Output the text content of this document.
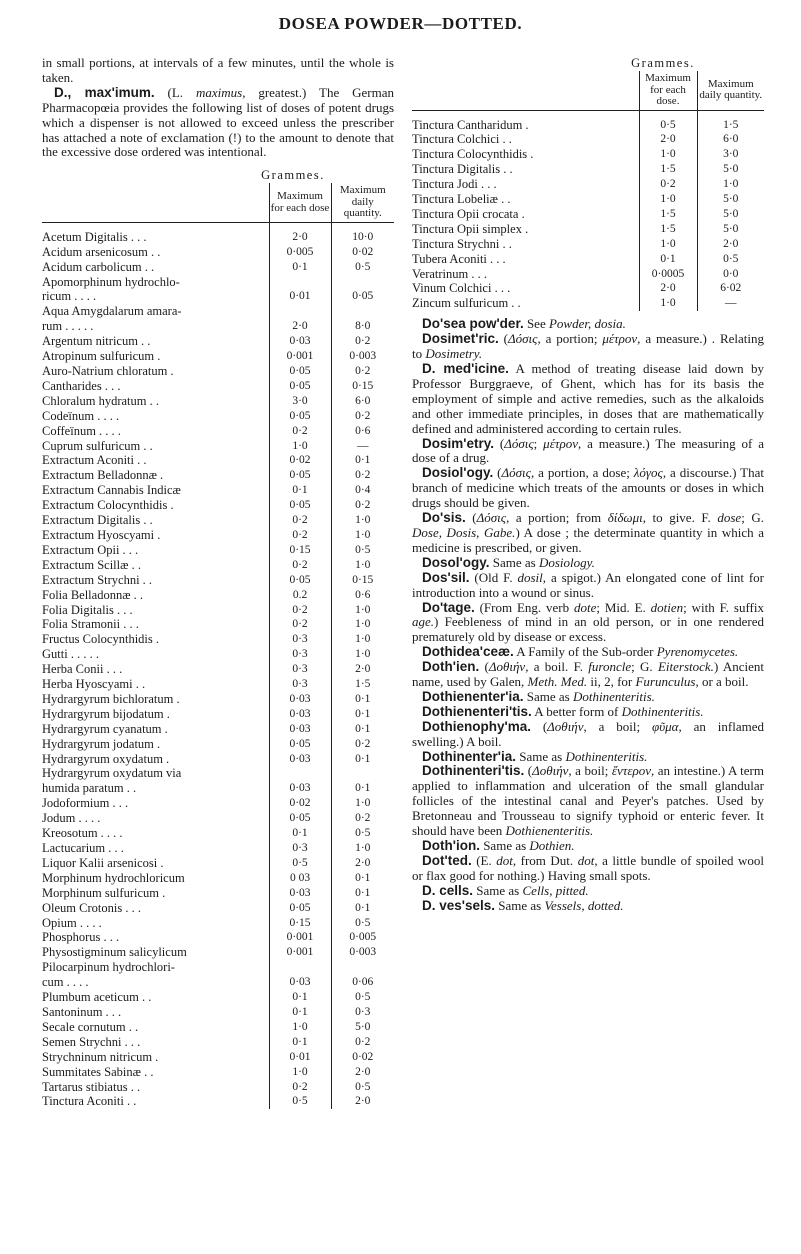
DOSEA POWDER—DOTTED.

in small portions, at intervals of a few minutes, until the whole is taken.

D., max'imum. (L. maximus, greatest.) The German Pharmacopœia provides the following list of doses of potent drugs which a dispenser is not allowed to exceed unless the prescriber has attached a note of exclamation (!) to the amount to denote that the excessive dose ordered was intentional.

Grammes.

	Maximum for each dose	Maximum daily quantity.
Acetum Digitalis . . .	2·0	10·0
Acidum arsenicosum . .	0·005	0·02
Acidum carbolicum . .	0·1	0·5
Apomorphinum hydrochlo-		
ricum . . . .	0·01	0·05
Aqua Amygdalarum amara-		
rum . . . . .	2·0	8·0
Argentum nitricum . .	0·03	0·2
Atropinum sulfuricum .	0·001	0·003
Auro-Natrium chloratum .	0·05	0·2
Cantharides . . .	0·05	0·15
Chloralum hydratum . .	3·0	6·0
Codeïnum . . . .	0·05	0·2
Coffeïnum . . . .	0·2	0·6
Cuprum sulfuricum . .	1·0	—
Extractum Aconiti . .	0·02	0·1
Extractum Belladonnæ .	0·05	0·2
Extractum Cannabis Indicæ	0·1	0·4
Extractum Colocynthidis .	0·05	0·2
Extractum Digitalis . .	0·2	1·0
Extractum Hyoscyami .	0·2	1·0
Extractum Opii . . .	0·15	0·5
Extractum Scillæ . .	0·2	1·0
Extractum Strychni . .	0·05	0·15
Folia Belladonnæ . .	0.2	0·6
Folia Digitalis . . .	0·2	1·0
Folia Stramonii . . .	0·2	1·0
Fructus Colocynthidis .	0·3	1·0
Gutti . . . . .	0·3	1·0
Herba Conii . . .	0·3	2·0
Herba Hyoscyami . .	0·3	1·5
Hydrargyrum bichloratum .	0·03	0·1
Hydrargyrum bijodatum .	0·03	0·1
Hydrargyrum cyanatum .	0·03	0·1
Hydrargyrum jodatum .	0·05	0·2
Hydrargyrum oxydatum .	0·03	0·1
Hydrargyrum oxydatum via		
humida paratum . .	0·03	0·1
Jodoformium . . .	0·02	1·0
Jodum . . . .	0·05	0·2
Kreosotum . . . .	0·1	0·5
Lactucarium . . .	0·3	1·0
Liquor Kalii arsenicosi .	0·5	2·0
Morphinum hydrochloricum	0 03	0·1
Morphinum sulfuricum .	0·03	0·1
Oleum Crotonis . . .	0·05	0·1
Opium . . . .	0·15	0·5
Phosphorus . . .	0·001	0·005
Physostigminum salicylicum	0·001	0·003
Pilocarpinum hydrochlori-		
cum . . . .	0·03	0·06
Plumbum aceticum . .	0·1	0·5
Santoninum . . .	0·1	0·3
Secale cornutum . .	1·0	5·0
Semen Strychni . . .	0·1	0·2
Strychninum nitricum .	0·01	0·02
Summitates Sabinæ . .	1·0	2·0
Tartarus stibiatus . .	0·2	0·5
Tinctura Aconiti . .	0·5	2·0

Grammes.

	Maximum for each dose.	Maximum daily quantity.
Tinctura Cantharidum .	0·5	1·5
Tinctura Colchici . .	2·0	6·0
Tinctura Colocynthidis .	1·0	3·0
Tinctura Digitalis . .	1·5	5·0
Tinctura Jodi . . .	0·2	1·0
Tinctura Lobeliæ . .	1·0	5·0
Tinctura Opii crocata .	1·5	5·0
Tinctura Opii simplex .	1·5	5·0
Tinctura Strychni . .	1·0	2·0
Tubera Aconiti . . .	0·1	0·5
Veratrinum . . .	0·0005	0·0
Vinum Colchici . . .	2·0	6·02
Zincum sulfuricum . .	1·0	—

Do'sea pow'der. See Powder, dosia.

Dosimet'ric. (Δόσις, a portion; μέτρον, a measure.) . Relating to Dosimetry.

D. med'icine. A method of treating disease laid down by Professor Burggraeve, of Ghent, which has for its basis the employment of simple and active remedies, such as the alkaloids and other immediate principles, in doses that are mathematically defined and administered according to certain rules.

Dosim'etry. (Δόσις; μέτρον, a measure.) The measuring of a dose of a drug.

Dosiol'ogy. (Δόσις, a portion, a dose; λόγος, a discourse.) That branch of medicine which treats of the amounts or doses in which drugs should be given.

Do'sis. (Δόσις, a portion; from δίδωμι, to give. F. dose; G. Dose, Dosis, Gabe.) A dose ; the determinate quantity in which a medicine is prescribed, or given.

Dosol'ogy. Same as Dosiology.

Dos'sil. (Old F. dosil, a spigot.) An elongated cone of lint for introduction into a wound or sinus.

Do'tage. (From Eng. verb dote; Mid. E. dotien; with F. suffix age.) Feebleness of mind in an old person, or in one rendered prematurely old by disease or excess.

Dothidea'ceæ. A Family of the Sub-order Pyrenomycetes.

Doth'ien. (Δοθιήν, a boil. F. furoncle; G. Eiterstock.) Ancient name, used by Galen, Meth. Med. ii, 2, for Furunculus, or a boil.

Dothienenter'ia. Same as Dothinenteritis.

Dothienenteri'tis. A better form of Dothinenteritis.

Dothienophy'ma. (Δοθιήν, a boil; φῦμα, an inflamed swelling.) A boil.

Dothinenter'ia. Same as Dothinenteritis.

Dothinenteri'tis. (Δοθιήν, a boil; ἔντερον, an intestine.) A term applied to inflammation and ulceration of the small glandular follicles of the intestinal canal and Peyer's patches. Used by Bretonneau and Trousseau to signify typhoid or enteric fever. It should have been Dothienenteritis.

Doth'ion. Same as Dothien.

Dot'ted. (E. dot, from Dut. dot, a little bundle of spoiled wool or flax good for nothing.) Having small spots.

D. cells. Same as Cells, pitted.

D. ves'sels. Same as Vessels, dotted.
